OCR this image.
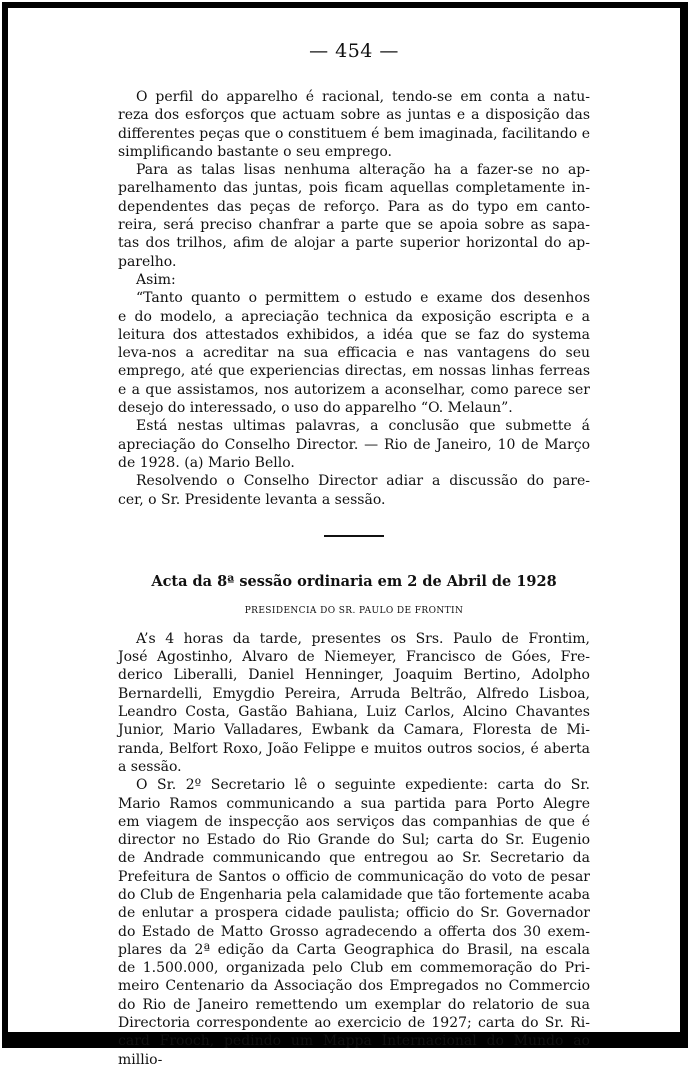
— 454 —
O perfil do apparelho é racional, tendo-se em conta a natu-
reza dos esforços que actuam sobre as juntas e a disposição das
differentes peças que o constituem é bem imaginada, facilitando e
simplificando bastante o seu emprego.
Para as talas lisas nenhuma alteração ha a fazer-se no ap-
parelhamento das juntas, pois ficam aquellas completamente in-
dependentes das peças de reforço. Para as do typo em canto-
reira, será preciso chanfrar a parte que se apoia sobre as sapa-
tas dos trilhos, afim de alojar a parte superior horizontal do ap-
parelho.
Asim:
“Tanto quanto o permittem o estudo e exame dos desenhos
e do modelo, a apreciação technica da exposição escripta e a
leitura dos attestados exhibidos, a idéa que se faz do systema
leva-nos a acreditar na sua efficacia e nas vantagens do seu
emprego, até que experiencias directas, em nossas linhas ferreas
e a que assistamos, nos autorizem a aconselhar, como parece ser
desejo do interessado, o uso do apparelho “O. Melaun”.
Está nestas ultimas palavras, a conclusão que submette á
apreciação do Conselho Director. — Rio de Janeiro, 10 de Março
de 1928. (a) Mario Bello.
Resolvendo o Conselho Director adiar a discussão do pare-
cer, o Sr. Presidente levanta a sessão.
Acta da 8ª sessão ordinaria em 2 de Abril de 1928
PRESIDENCIA DO SR. PAULO DE FRONTIN
A’s 4 horas da tarde, presentes os Srs. Paulo de Frontim,
José Agostinho, Alvaro de Niemeyer, Francisco de Góes, Fre-
derico Liberalli, Daniel Henninger, Joaquim Bertino, Adolpho
Bernardelli, Emygdio Pereira, Arruda Beltrão, Alfredo Lisboa,
Leandro Costa, Gastão Bahiana, Luiz Carlos, Alcino Chavantes
Junior, Mario Valladares, Ewbank da Camara, Floresta de Mi-
randa, Belfort Roxo, João Felippe e muitos outros socios, é aberta
a sessão.
O Sr. 2º Secretario lê o seguinte expediente: carta do Sr.
Mario Ramos communicando a sua partida para Porto Alegre
em viagem de inspecção aos serviços das companhias de que é
director no Estado do Rio Grande do Sul; carta do Sr. Eugenio
de Andrade communicando que entregou ao Sr. Secretario da
Prefeitura de Santos o officio de communicação do voto de pesar
do Club de Engenharia pela calamidade que tão fortemente acaba
de enlutar a prospera cidade paulista; officio do Sr. Governador
do Estado de Matto Grosso agradecendo a offerta dos 30 exem-
plares da 2ª edição da Carta Geographica do Brasil, na escala
de 1.500.000, organizada pelo Club em commemoração do Pri-
meiro Centenario da Associação dos Empregados no Commercio
do Rio de Janeiro remettendo um exemplar do relatorio de sua
Directoria correspondente ao exercicio de 1927; carta do Sr. Ri-
card Frooch, pedindo um Mappa Internacional do Mundo ao millio-
